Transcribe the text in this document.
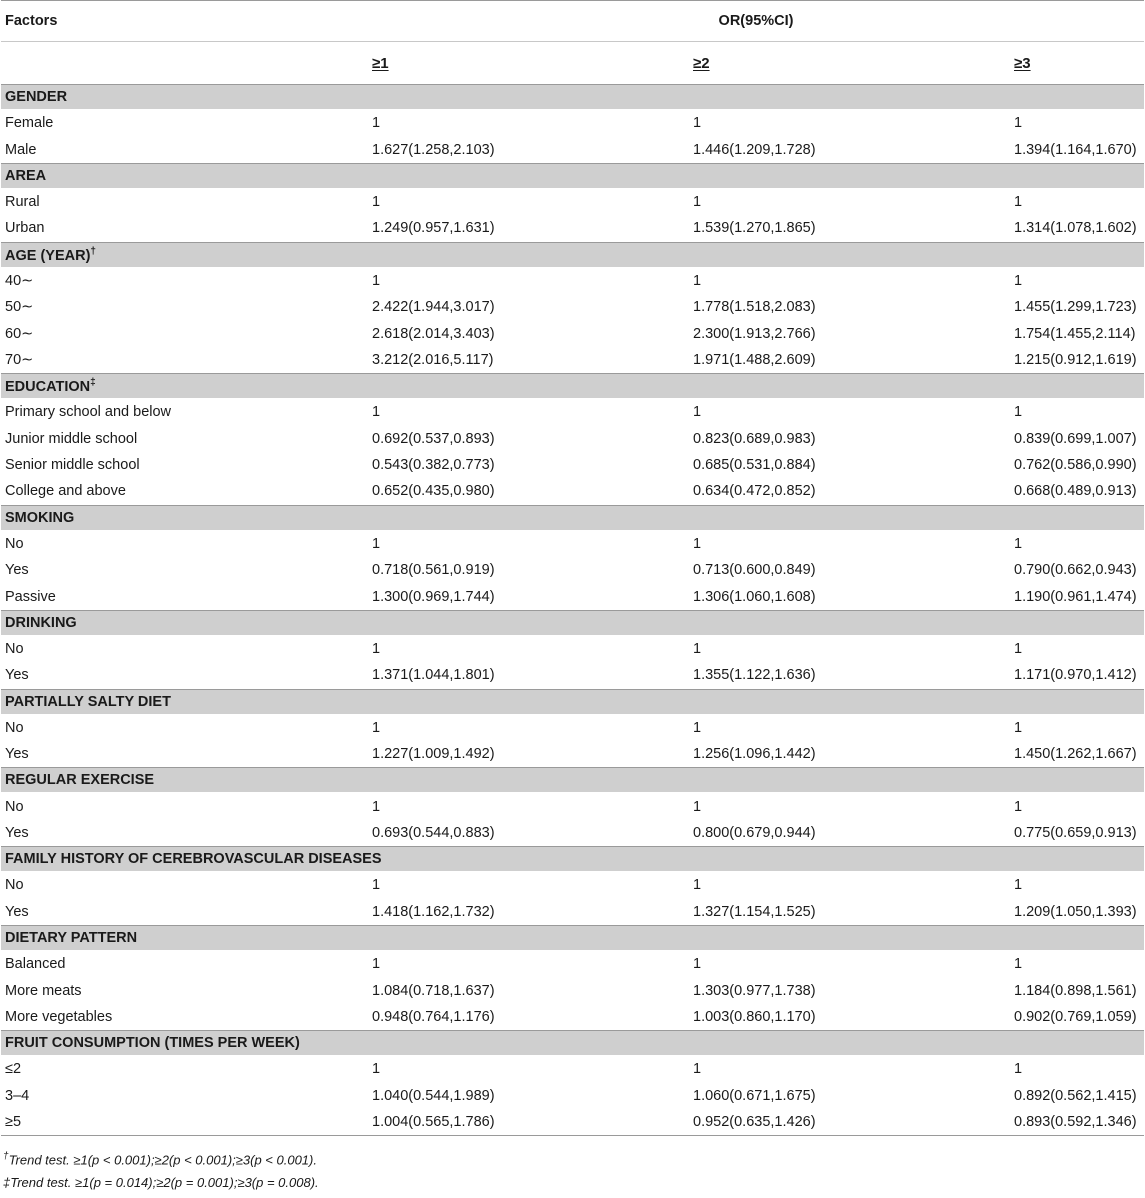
Factors	OR(95%CI)		
	≥1	≥2	≥3
GENDER			
Female	1	1	1
Male	1.627(1.258,2.103)	1.446(1.209,1.728)	1.394(1.164,1.670)
AREA			
Rural	1	1	1
Urban	1.249(0.957,1.631)	1.539(1.270,1.865)	1.314(1.078,1.602)
AGE (YEAR)†
40∼	1	1	1
50∼	2.422(1.944,3.017)	1.778(1.518,2.083)	1.455(1.299,1.723)
60∼	2.618(2.014,3.403)	2.300(1.913,2.766)	1.754(1.455,2.114)
70∼	3.212(2.016,5.117)	1.971(1.488,2.609)	1.215(0.912,1.619)
EDUCATION‡
Primary school and below	1	1	1
Junior middle school	0.692(0.537,0.893)	0.823(0.689,0.983)	0.839(0.699,1.007)
Senior middle school	0.543(0.382,0.773)	0.685(0.531,0.884)	0.762(0.586,0.990)
College and above	0.652(0.435,0.980)	0.634(0.472,0.852)	0.668(0.489,0.913)
SMOKING			
No	1	1	1
Yes	0.718(0.561,0.919)	0.713(0.600,0.849)	0.790(0.662,0.943)
Passive	1.300(0.969,1.744)	1.306(1.060,1.608)	1.190(0.961,1.474)
DRINKING			
No	1	1	1
Yes	1.371(1.044,1.801)	1.355(1.122,1.636)	1.171(0.970,1.412)
PARTIALLY SALTY DIET			
No	1	1	1
Yes	1.227(1.009,1.492)	1.256(1.096,1.442)	1.450(1.262,1.667)
REGULAR EXERCISE			
No	1	1	1
Yes	0.693(0.544,0.883)	0.800(0.679,0.944)	0.775(0.659,0.913)
FAMILY HISTORY OF CEREBROVASCULAR DISEASES			
No	1	1	1
Yes	1.418(1.162,1.732)	1.327(1.154,1.525)	1.209(1.050,1.393)
DIETARY PATTERN			
Balanced	1	1	1
More meats	1.084(0.718,1.637)	1.303(0.977,1.738)	1.184(0.898,1.561)
More vegetables	0.948(0.764,1.176)	1.003(0.860,1.170)	0.902(0.769,1.059)
FRUIT CONSUMPTION (TIMES PER WEEK)			
≤2	1	1	1
3–4	1.040(0.544,1.989)	1.060(0.671,1.675)	0.892(0.562,1.415)
≥5	1.004(0.565,1.786)	0.952(0.635,1.426)	0.893(0.592,1.346)
†Trend test. ≥1(p < 0.001);≥2(p < 0.001);≥3(p < 0.001).
‡Trend test. ≥1(p = 0.014);≥2(p = 0.001);≥3(p = 0.008).
